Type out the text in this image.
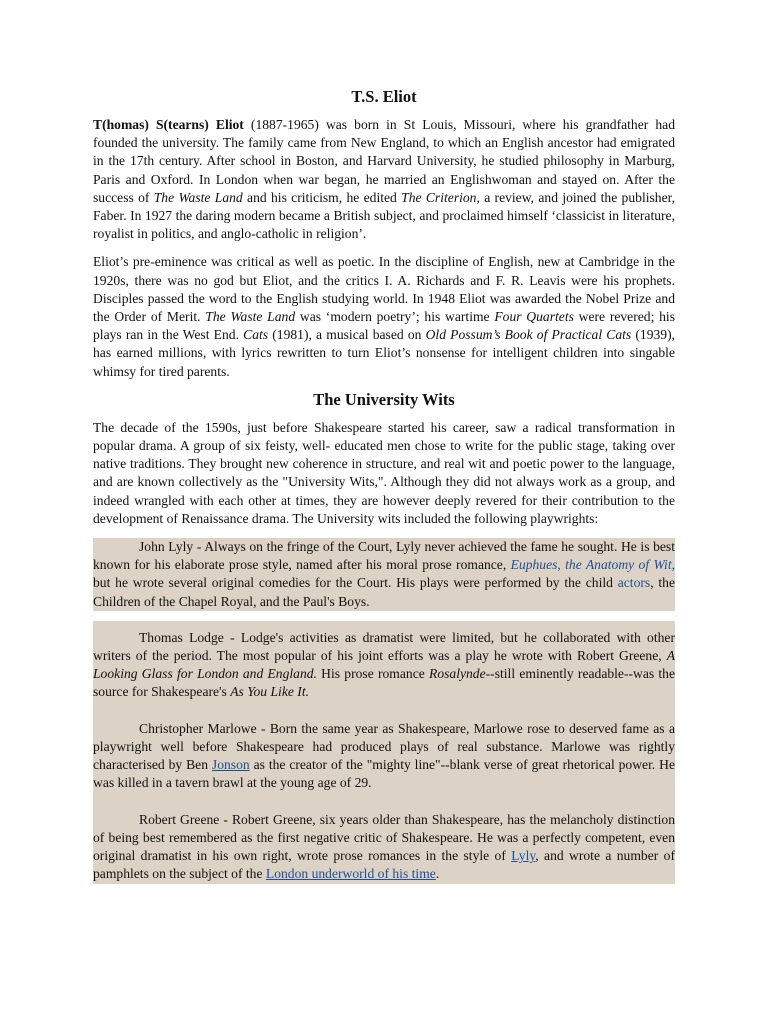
T.S. Eliot

T(homas) S(tearns) Eliot (1887-1965) was born in St Louis, Missouri, where his grandfather had founded the university. The family came from New England, to which an English ancestor had emigrated in the 17th century. After school in Boston, and Harvard University, he studied philosophy in Marburg, Paris and Oxford. In London when war began, he married an Englishwoman and stayed on. After the success of The Waste Land and his criticism, he edited The Criterion, a review, and joined the publisher, Faber. In 1927 the daring modern became a British subject, and proclaimed himself ‘classicist in literature, royalist in politics, and anglo-catholic in religion’.

Eliot’s pre-eminence was critical as well as poetic. In the discipline of English, new at Cambridge in the 1920s, there was no god but Eliot, and the critics I. A. Richards and F. R. Leavis were his prophets. Disciples passed the word to the English studying world. In 1948 Eliot was awarded the Nobel Prize and the Order of Merit. The Waste Land was ‘modern poetry’; his wartime Four Quartets were revered; his plays ran in the West End. Cats (1981), a musical based on Old Possum’s Book of Practical Cats (1939), has earned millions, with lyrics rewritten to turn Eliot’s nonsense for intelligent children into singable whimsy for tired parents.

The University Wits

The decade of the 1590s, just before Shakespeare started his career, saw a radical transformation in popular drama. A group of six feisty, well- educated men chose to write for the public stage, taking over native traditions. They brought new coherence in structure, and real wit and poetic power to the language, and are known collectively as the "University Wits,". Although they did not always work as a group, and indeed wrangled with each other at times, they are however deeply revered for their contribution to the development of Renaissance drama. The University wits included the following playwrights:

John Lyly - Always on the fringe of the Court, Lyly never achieved the fame he sought. He is best known for his elaborate prose style, named after his moral prose romance, Euphues, the Anatomy of Wit, but he wrote several original comedies for the Court. His plays were performed by the child actors, the Children of the Chapel Royal, and the Paul's Boys.

Thomas Lodge - Lodge's activities as dramatist were limited, but he collaborated with other writers of the period. The most popular of his joint efforts was a play he wrote with Robert Greene, A Looking Glass for London and England. His prose romance Rosalynde--still eminently readable--was the source for Shakespeare's As You Like It.

Christopher Marlowe - Born the same year as Shakespeare, Marlowe rose to deserved fame as a playwright well before Shakespeare had produced plays of real substance. Marlowe was rightly characterised by Ben Jonson as the creator of the "mighty line"--blank verse of great rhetorical power. He was killed in a tavern brawl at the young age of 29.

Robert Greene - Robert Greene, six years older than Shakespeare, has the melancholy distinction of being best remembered as the first negative critic of Shakespeare. He was a perfectly competent, even original dramatist in his own right, wrote prose romances in the style of Lyly, and wrote a number of pamphlets on the subject of the London underworld of his time.
